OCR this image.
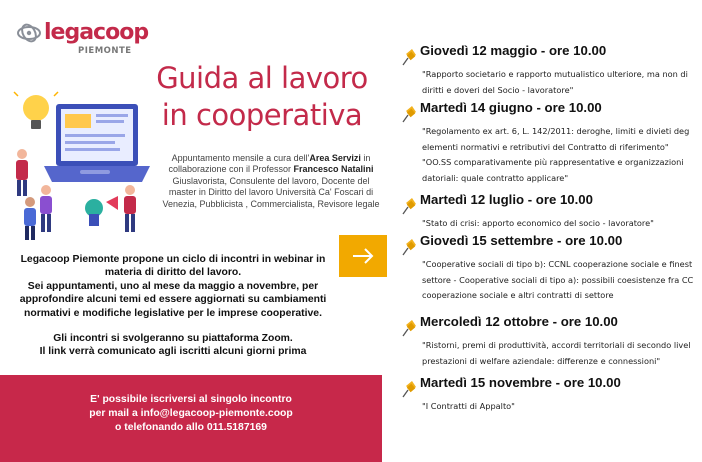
legacoop
PIEMONTE
Guida al lavoro
in cooperativa
Appuntamento mensile a cura dell'Area Servizi in collaborazione con il Professor Francesco Natalini Giuslavorista, Consulente del lavoro, Docente del master in Diritto del lavoro Università Ca' Foscari di Venezia, Pubblicista , Commercialista, Revisore legale

Legacoop Piemonte propone un ciclo di incontri in webinar in materia di diritto del lavoro.

Sei appuntamenti, uno al mese da maggio a novembre, per approfondire alcuni temi ed essere aggiornati su cambiamenti normativi e modifiche legislative per le imprese cooperative.

Gli incontri si svolgeranno su piattaforma Zoom.

Il link verrà comunicato agli iscritti alcuni giorni prima

E' possibile iscriversi al singolo incontro
per mail a info@legacoop-piemonte.coop
o telefonando allo 011.5187169
Giovedì 12 maggio - ore 10.00
"Rapporto societario e rapporto mutualistico ulteriore, ma non di
diritti e doveri del Socio - lavoratore"
Martedì 14 giugno - ore 10.00
"Regolamento ex art. 6, L. 142/2011: deroghe, limiti e divieti deg
elementi normativi e retributivi del Contratto di riferimento"
"OO.SS comparativamente più rappresentative e organizzazioni
datoriali: quale contratto applicare"
Martedì 12 luglio - ore 10.00
"Stato di crisi: apporto economico del socio - lavoratore"
Giovedì 15 settembre - ore 10.00
"Cooperative sociali di tipo b): CCNL cooperazione sociale e finest
settore - Cooperative sociali di tipo a): possibili coesistenze fra CC
cooperazione sociale e altri contratti di settore
Mercoledì 12 ottobre - ore 10.00
"Ristorni, premi di produttività, accordi territoriali di secondo livel
prestazioni di welfare aziendale: differenze e connessioni"
Martedì 15 novembre - ore 10.00
"I Contratti di Appalto"
